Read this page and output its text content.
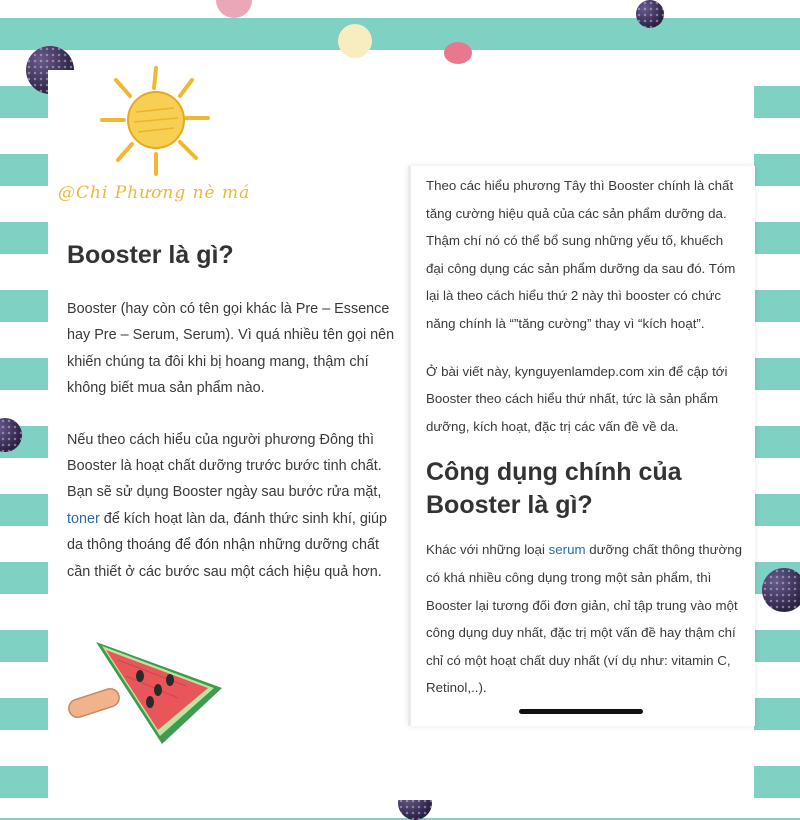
@Chi Phương nè má
Booster là gì?

Booster (hay còn có tên gọi khác là Pre – Essence hay Pre – Serum, Serum). Vì quá nhiều tên gọi nên khiến chúng ta đôi khi bị hoang mang, thậm chí không biết mua sản phẩm nào.

Nếu theo cách hiểu của người phương Đông thì Booster là hoạt chất dưỡng trước bước tinh chất. Bạn sẽ sử dụng Booster ngày sau bước rửa mặt, toner để kích hoạt làn da, đánh thức sinh khí, giúp da thông thoáng để đón nhận những dưỡng chất cần thiết ở các bước sau một cách hiệu quả hơn.

Theo các hiểu phương Tây thì Booster chính là chất tăng cường hiệu quả của các sản phẩm dưỡng da. Thậm chí nó có thể bổ sung những yếu tố, khuếch đại công dụng các sản phẩm dưỡng da sau đó. Tóm lại là theo cách hiểu thứ 2 này thì booster có chức năng chính là “”tăng cường” thay vì “kích hoạt”.

Ở bài viết này, kynguyenlamdep.com xin để cập tới Booster theo cách hiểu thứ nhất, tức là sản phẩm dưỡng, kích hoạt, đặc trị các vấn đề về da.

Công dụng chính của Booster là gì?

Khác với những loại serum dưỡng chất thông thường có khá nhiều công dụng trong một sản phẩm, thì Booster lại tương đối đơn giản, chỉ tập trung vào một công dụng duy nhất, đặc trị một vấn đề hay thậm chí chỉ có một hoạt chất duy nhất (ví dụ như: vitamin C, Retinol,..).
